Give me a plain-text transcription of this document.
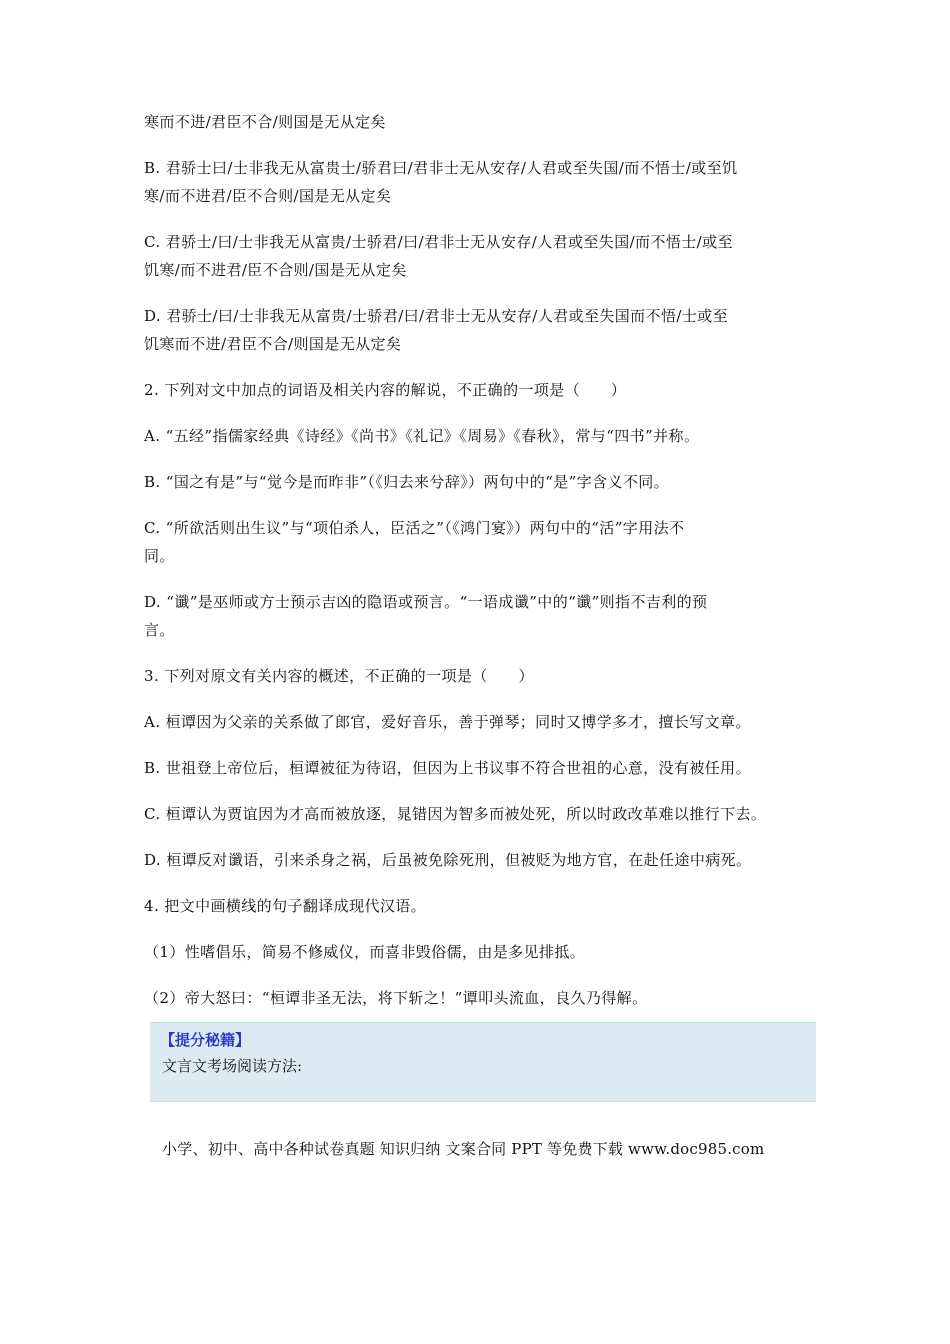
寒而不进/君臣不合/则国是无从定矣
B. 君骄士曰/士非我无从富贵士/骄君曰/君非士无从安存/人君或至失国/而不悟士/或至饥
寒/而不进君/臣不合则/国是无从定矣
C. 君骄士/曰/士非我无从富贵/士骄君/曰/君非士无从安存/人君或至失国/而不悟士/或至
饥寒/而不进君/臣不合则/国是无从定矣
D. 君骄士/曰/士非我无从富贵/士骄君/曰/君非士无从安存/人君或至失国而不悟/士或至
饥寒而不进/君臣不合/则国是无从定矣
2. 下列对文中加点的词语及相关内容的解说，不正确的一项是（　　）
A. “五经”指儒家经典《诗经》《尚书》《礼记》《周易》《春秋》，常与“四书”并称。
B. “国之有是”与“觉今是而昨非”（《归去来兮辞》）两句中的“是”字含义不同。
C. “所欲活则出生议”与“项伯杀人，臣活之”（《鸿门宴》）两句中的“活”字用法不
同。
D. “谶”是巫师或方士预示吉凶的隐语或预言。“一语成谶”中的“谶”则指不吉利的预
言。
3. 下列对原文有关内容的概述，不正确的一项是（　　）
A. 桓谭因为父亲的关系做了郎官，爱好音乐，善于弹琴；同时又博学多才，擅长写文章。
B. 世祖登上帝位后，桓谭被征为待诏，但因为上书议事不符合世祖的心意，没有被任用。
C. 桓谭认为贾谊因为才高而被放逐，晁错因为智多而被处死，所以时政改革难以推行下去。
D. 桓谭反对谶语，引来杀身之祸，后虽被免除死刑，但被贬为地方官，在赴任途中病死。
4. 把文中画横线的句子翻译成现代汉语。
（1）性嗜倡乐，简易不修威仪，而喜非毁俗儒，由是多见排抵。
（2）帝大怒曰：“桓谭非圣无法，将下斩之！”谭叩头流血，良久乃得解。
【提分秘籍】
文言文考场阅读方法:
小学、初中、高中各种试卷真题 知识归纳 文案合同 PPT 等免费下载 www.doc985.com
